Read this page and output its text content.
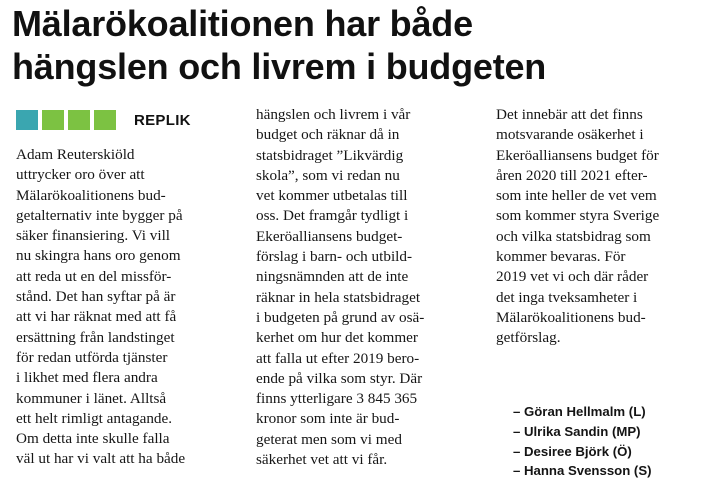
Mälarökoalitionen har både
hängslen och livrem i budgeten
REPLIK
Adam Reuterskiöld
uttrycker oro över att
Mälarökoalitionens bud-
getalternativ inte bygger på
säker finansiering. Vi vill
nu skingra hans oro genom
att reda ut en del missför-
stånd. Det han syftar på är
att vi har räknat med att få
ersättning från landstinget
för redan utförda tjänster
i likhet med flera andra
kommuner i länet. Alltså
ett helt rimligt antagande.
Om detta inte skulle falla
väl ut har vi valt att ha både
hängslen och livrem i vår
budget och räknar då in
statsbidraget ”Likvärdig
skola”, som vi redan nu
vet kommer utbetalas till
oss. Det framgår tydligt i
Ekeröalliansens budget-
förslag i barn- och utbild-
ningsnämnden att de inte
räknar in hela statsbidraget
i budgeten på grund av osä-
kerhet om hur det kommer
att falla ut efter 2019 bero-
ende på vilka som styr. Där
finns ytterligare 3 845 365
kronor som inte är bud-
geterat men som vi med
säkerhet vet att vi får.
Det innebär att det finns
motsvarande osäkerhet i
Ekeröalliansens budget för
åren 2020 till 2021 efter-
som inte heller de vet vem
som kommer styra Sverige
och vilka statsbidrag som
kommer bevaras. För
2019 vet vi och där råder
det inga tveksamheter i
Mälarökoalitionens bud-
getförslag.
– Göran Hellmalm (L)
– Ulrika Sandin (MP)
– Desiree Björk (Ö)
– Hanna Svensson (S)
